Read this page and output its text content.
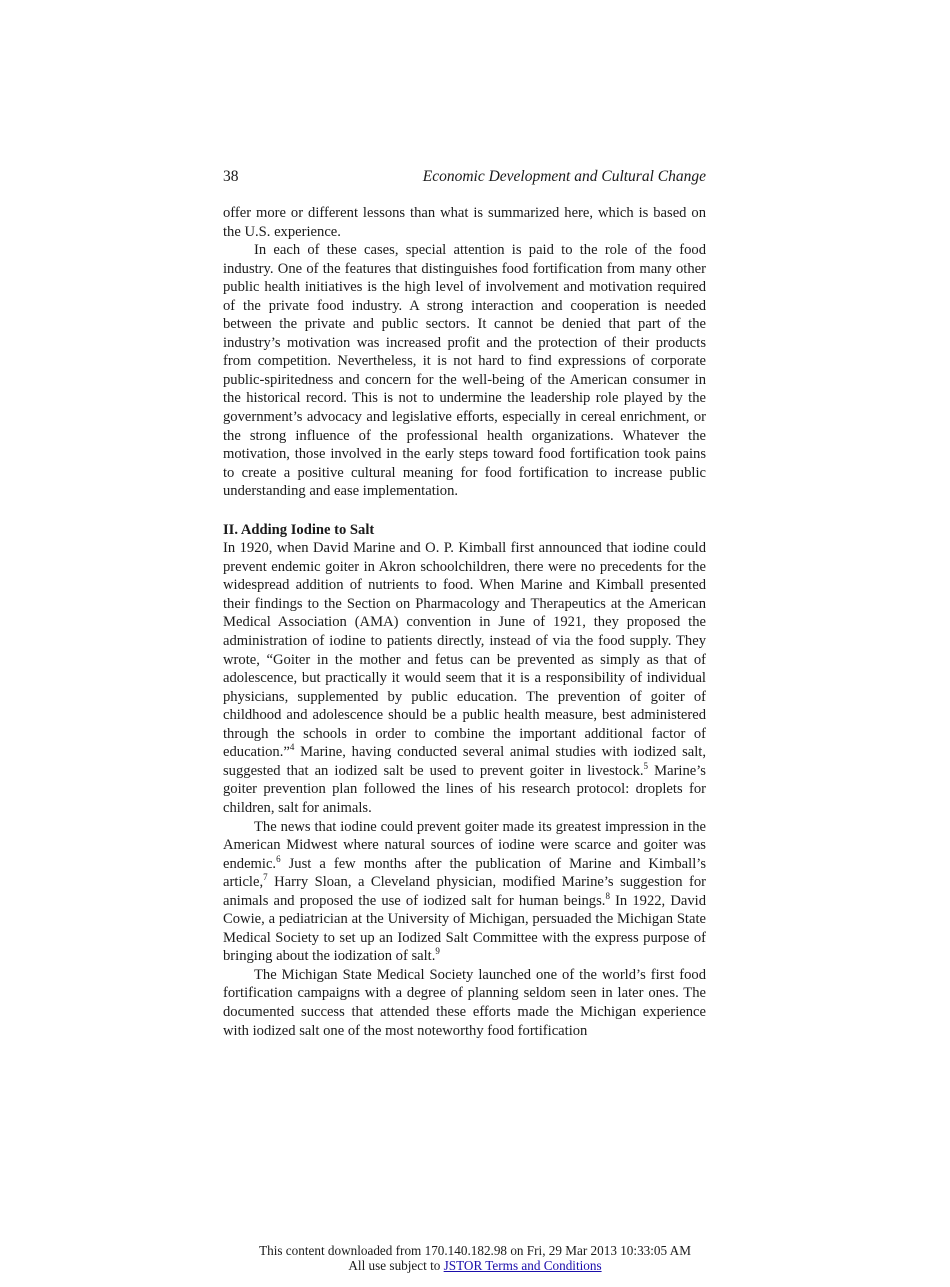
38	Economic Development and Cultural Change

offer more or different lessons than what is summarized here, which is based on the U.S. experience.

In each of these cases, special attention is paid to the role of the food industry. One of the features that distinguishes food fortification from many other public health initiatives is the high level of involvement and motivation required of the private food industry. A strong interaction and cooperation is needed between the private and public sectors. It cannot be denied that part of the industry’s motivation was increased profit and the protection of their products from competition. Nevertheless, it is not hard to find expressions of corporate public-spiritedness and concern for the well-being of the American consumer in the historical record. This is not to undermine the leadership role played by the government’s advocacy and legislative efforts, especially in cereal enrichment, or the strong influence of the professional health organizations. Whatever the motivation, those involved in the early steps toward food fortification took pains to create a positive cultural meaning for food fortification to increase public understanding and ease implementation.

II. Adding Iodine to Salt

In 1920, when David Marine and O. P. Kimball first announced that iodine could prevent endemic goiter in Akron schoolchildren, there were no precedents for the widespread addition of nutrients to food. When Marine and Kimball presented their findings to the Section on Pharmacology and Therapeutics at the American Medical Association (AMA) convention in June of 1921, they proposed the administration of iodine to patients directly, instead of via the food supply. They wrote, “Goiter in the mother and fetus can be prevented as simply as that of adolescence, but practically it would seem that it is a responsibility of individual physicians, supplemented by public education. The prevention of goiter of childhood and adolescence should be a public health measure, best administered through the schools in order to combine the important additional factor of education.”$^4$ Marine, having conducted several animal studies with iodized salt, suggested that an iodized salt be used to prevent goiter in livestock.$^5$ Marine’s goiter prevention plan followed the lines of his research protocol: droplets for children, salt for animals.

The news that iodine could prevent goiter made its greatest impression in the American Midwest where natural sources of iodine were scarce and goiter was endemic.$^6$ Just a few months after the publication of Marine and Kimball’s article,$^7$ Harry Sloan, a Cleveland physician, modified Marine’s suggestion for animals and proposed the use of iodized salt for human beings.$^8$ In 1922, David Cowie, a pediatrician at the University of Michigan, persuaded the Michigan State Medical Society to set up an Iodized Salt Committee with the express purpose of bringing about the iodization of salt.$^9$

The Michigan State Medical Society launched one of the world’s first food fortification campaigns with a degree of planning seldom seen in later ones. The documented success that attended these efforts made the Michigan experience with iodized salt one of the most noteworthy food fortification

This content downloaded from 170.140.182.98 on Fri, 29 Mar 2013 10:33:05 AM
All use subject to JSTOR Terms and Conditions
